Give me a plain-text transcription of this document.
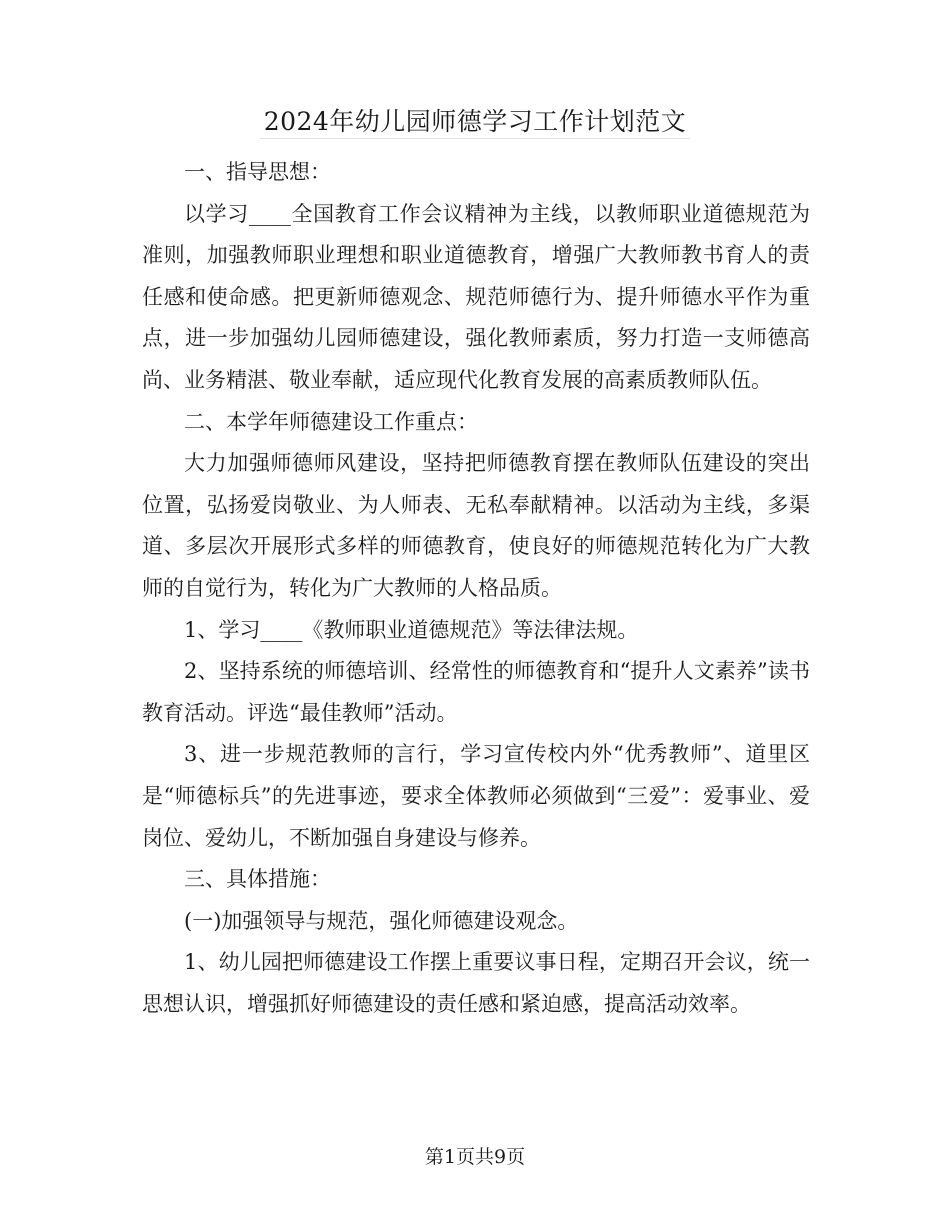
2024年幼儿园师德学习工作计划范文

一、指导思想：

以学习____全国教育工作会议精神为主线，以教师职业道德规范为准则，加强教师职业理想和职业道德教育，增强广大教师教书育人的责任感和使命感。把更新师德观念、规范师德行为、提升师德水平作为重点，进一步加强幼儿园师德建设，强化教师素质，努力打造一支师德高尚、业务精湛、敬业奉献，适应现代化教育发展的高素质教师队伍。

二、本学年师德建设工作重点：

大力加强师德师风建设，坚持把师德教育摆在教师队伍建设的突出位置，弘扬爱岗敬业、为人师表、无私奉献精神。以活动为主线，多渠道、多层次开展形式多样的师德教育，使良好的师德规范转化为广大教师的自觉行为，转化为广大教师的人格品质。

1、学习____《教师职业道德规范》等法律法规。

2、坚持系统的师德培训、经常性的师德教育和“提升人文素养”读书教育活动。评选“最佳教师”活动。

3、进一步规范教师的言行，学习宣传校内外“优秀教师”、道里区是“师德标兵”的先进事迹，要求全体教师必须做到“三爱”：爱事业、爱岗位、爱幼儿，不断加强自身建设与修养。

三、具体措施：

(一)加强领导与规范，强化师德建设观念。

1、幼儿园把师德建设工作摆上重要议事日程，定期召开会议，统一思想认识，增强抓好师德建设的责任感和紧迫感，提高活动效率。

第1页共9页
